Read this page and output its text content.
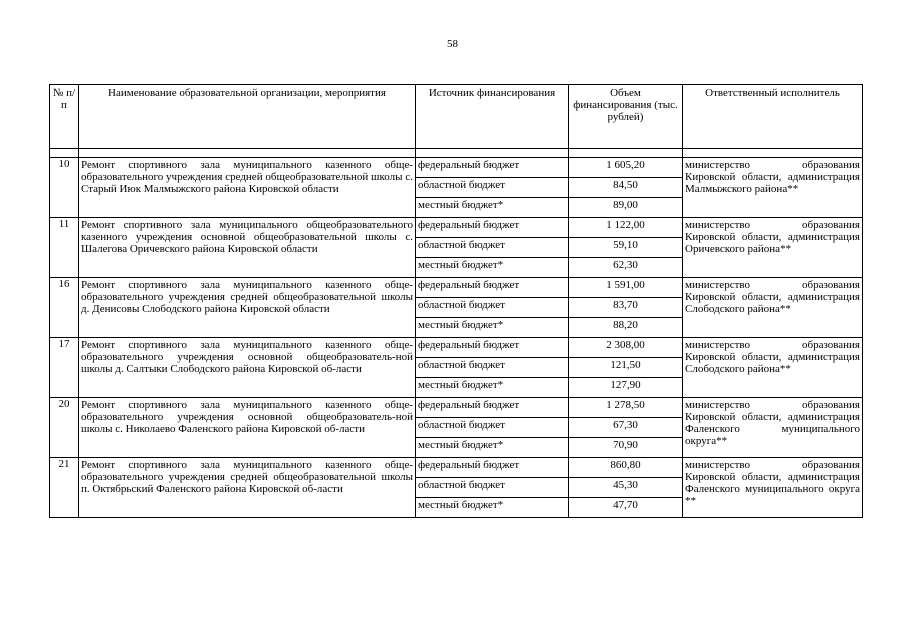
58
№ п/п	Наименование образовательной организации, мероприятия	Источник финансирования	Объем финансирования (тыс. рублей)	Ответственный исполнитель

10	Ремонт спортивного зала муниципального казенного обще-образовательного учреждения средней общеобразовательной школы с. Старый Июк Малмыжского района Кировской области	федеральный бюджет	1 605,20	министерство образования Кировской области, администрация Малмыжского района**
		областной бюджет	84,50	
		местный бюджет*	89,00	
11	Ремонт спортивного зала муниципального общеобразовательного казенного учреждения основной общеобразовательной школы с. Шалегова Оричевского района Кировской области	федеральный бюджет	1 122,00	министерство образования Кировской области, администрация Оричевского района**
		областной бюджет	59,10	
		местный бюджет*	62,30	
16	Ремонт спортивного зала муниципального казенного обще-образовательного учреждения средней общеобразовательной школы д. Денисовы Слободского района Кировской области	федеральный бюджет	1 591,00	министерство образования Кировской области, администрация Слободского района**
		областной бюджет	83,70	
		местный бюджет*	88,20	
17	Ремонт спортивного зала муниципального казенного обще-образовательного учреждения основной общеобразователь-ной школы д. Салтыки Слободского района Кировской об-ласти	федеральный бюджет	2 308,00	министерство образования Кировской области, администрация Слободского района**
		областной бюджет	121,50	
		местный бюджет*	127,90	
20	Ремонт спортивного зала муниципального казенного обще-образовательного учреждения основной общеобразователь-ной школы с. Николаево Фаленского района Кировской об-ласти	федеральный бюджет	1 278,50	министерство образования Кировской области, администрация Фаленского муниципального округа**
		областной бюджет	67,30	
		местный бюджет*	70,90	
21	Ремонт спортивного зала муниципального казенного обще-образовательного учреждения средней общеобразовательной школы п. Октябрьский Фаленского района Кировской об-ласти	федеральный бюджет	860,80	министерство образования Кировской области, администрация Фаленского муниципального округа **
		областной бюджет	45,30	
		местный бюджет*	47,70	
